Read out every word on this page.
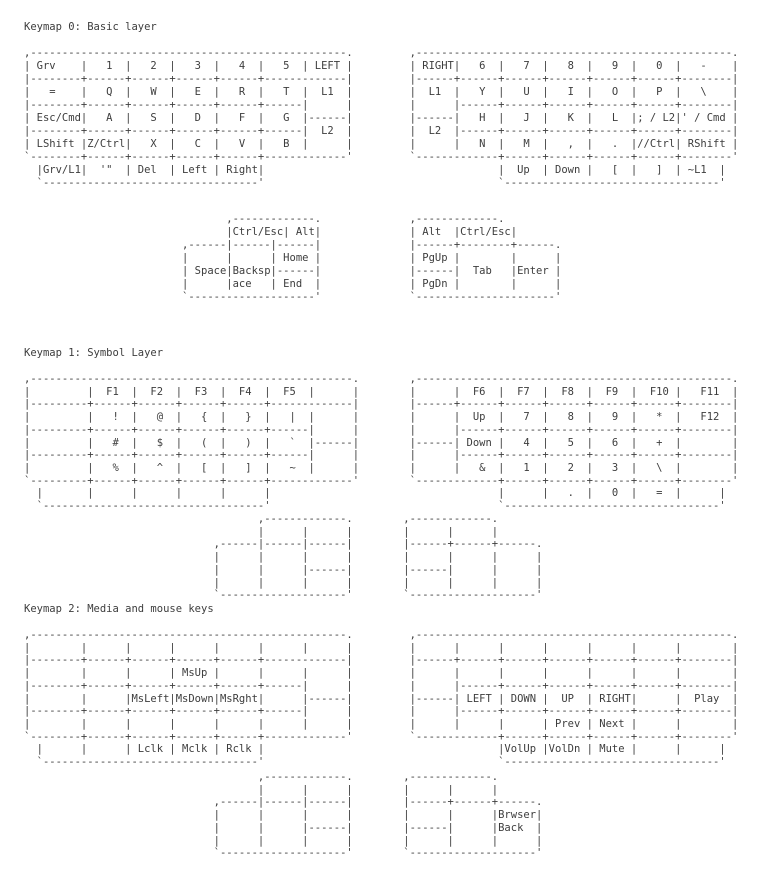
Keymap 0: Basic layer
,--------------------------------------------------.         ,--------------------------------------------------.
| Grv    |   1  |   2  |   3  |   4  |   5  | LEFT |         | RIGHT|   6  |   7  |   8  |   9  |   0  |   -    |
|--------+------+------+------+------+-------------|         |------+------+------+------+------+------+--------|
|   =    |   Q  |   W  |   E  |   R  |   T  |  L1  |         |  L1  |   Y  |   U  |   I  |   O  |   P  |   \    |
|--------+------+------+------+------+------|      |         |      |------+------+------+------+------+--------|
| Esc/Cmd|   A  |   S  |   D  |   F  |   G  |------|         |------|   H  |   J  |   K  |   L  |; / L2|' / Cmd |
|--------+------+------+------+------+------|  L2  |         |  L2  |------+------+------+------+------+--------|
| LShift |Z/Ctrl|   X  |   C  |   V  |   B  |      |         |      |   N  |   M  |   ,  |   .  |//Ctrl| RShift |
`--------+------+------+------+------+-------------'         `-------------+------+------+------+------+--------'
|Grv/L1|  '"  | Del  | Left | Right|                                     |  Up  | Down |   [  |   ]  | ~L1  |
`----------------------------------'                                     `----------------------------------'
,-------------.              ,-------------.
|Ctrl/Esc| Alt|              | Alt  |Ctrl/Esc|
,------|------|------|              |------+--------+------.
|      |      | Home |              | PgUp |        |      |
| Space|Backsp|------|              |------|  Tab   |Enter |
|      |ace   | End  |              | PgDn |        |      |
`--------------------'              `----------------------'
Keymap 1: Symbol Layer
,---------------------------------------------------.        ,--------------------------------------------------.
|         |  F1  |  F2  |  F3  |  F4  |  F5  |      |        |      |  F6  |  F7  |  F8  |  F9  |  F10 |   F11  |
|---------+------+------+------+------+-------------|        |------+------+------+------+------+------+--------|
|         |   !  |   @  |   {  |   }  |   |  |      |        |      |  Up  |   7  |   8  |   9  |   *  |   F12  |
|---------+------+------+------+------+------|      |        |      |------+------+------+------+------+--------|
|         |   #  |   $  |   (  |   )  |   `  |------|        |------| Down |   4  |   5  |   6  |   +  |        |
|---------+------+------+------+------+------|      |        |      |------+------+------+------+------+--------|
|         |   %  |   ^  |   [  |   ]  |   ~  |      |        |      |   &  |   1  |   2  |   3  |   \  |        |
`---------+------+------+------+------+-------------'        `-------------+------+------+------+------+--------'
|       |      |      |      |      |                                    |      |   .  |   0  |   =  |      |
`-----------------------------------'                                    `----------------------------------'
,-------------.        ,-------------.
|      |      |        |      |      |
,------|------|------|        |------+------+------.
|      |      |      |        |      |      |      |
|      |      |------|        |------|      |      |
|      |      |      |        |      |      |      |
`--------------------'        `--------------------'
Keymap 2: Media and mouse keys
,--------------------------------------------------.         ,--------------------------------------------------.
|        |      |      |      |      |      |      |         |      |      |      |      |      |      |        |
|--------+------+------+------+------+-------------|         |------+------+------+------+------+------+--------|
|        |      |      | MsUp |      |      |      |         |      |      |      |      |      |      |        |
|--------+------+------+------+------+------|      |         |      |------+------+------+------+------+--------|
|        |      |MsLeft|MsDown|MsRght|      |------|         |------| LEFT | DOWN |  UP  | RIGHT|      |  Play  |
|--------+------+------+------+------+------|      |         |      |------+------+------+------+------+--------|
|        |      |      |      |      |      |      |         |      |      |      | Prev | Next |      |        |
`--------+------+------+------+------+-------------'         `-------------+------+------+------+------+--------'
|      |      | Lclk | Mclk | Rclk |                                     |VolUp |VolDn | Mute |      |      |
`----------------------------------'                                     `----------------------------------'
,-------------.        ,-------------.
|      |      |        |      |      |
,------|------|------|        |------+------+------.
|      |      |      |        |      |      |Brwser|
|      |      |------|        |------|      |Back  |
|      |      |      |        |      |      |      |
`--------------------'        `--------------------'
